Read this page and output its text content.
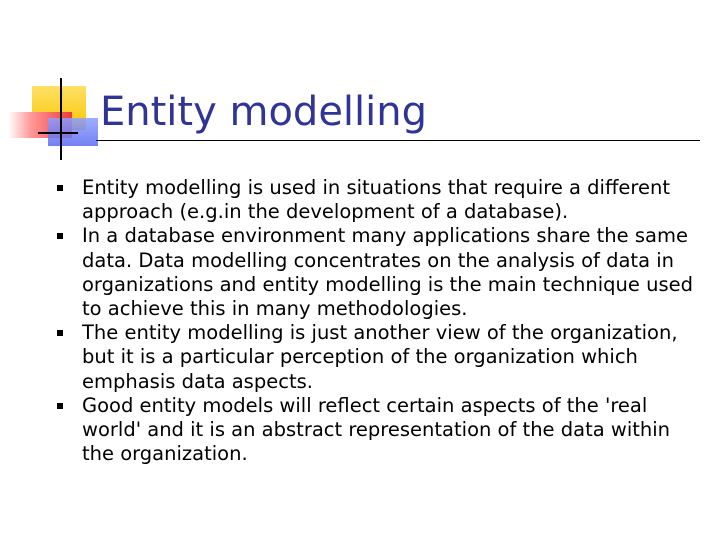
Entity modelling
Entity modelling is used in situations that require a different approach (e.g.in the development of a database).
In a database environment many applications share the same data. Data modelling concentrates on the analysis of data in organizations and entity modelling is the main technique used to achieve this in many methodologies.
The entity modelling is just another view of the organization, but it is a particular perception of the organization which emphasis data aspects.
Good entity models will reflect certain aspects of the 'real world' and it is an abstract representation of the data within the organization.
